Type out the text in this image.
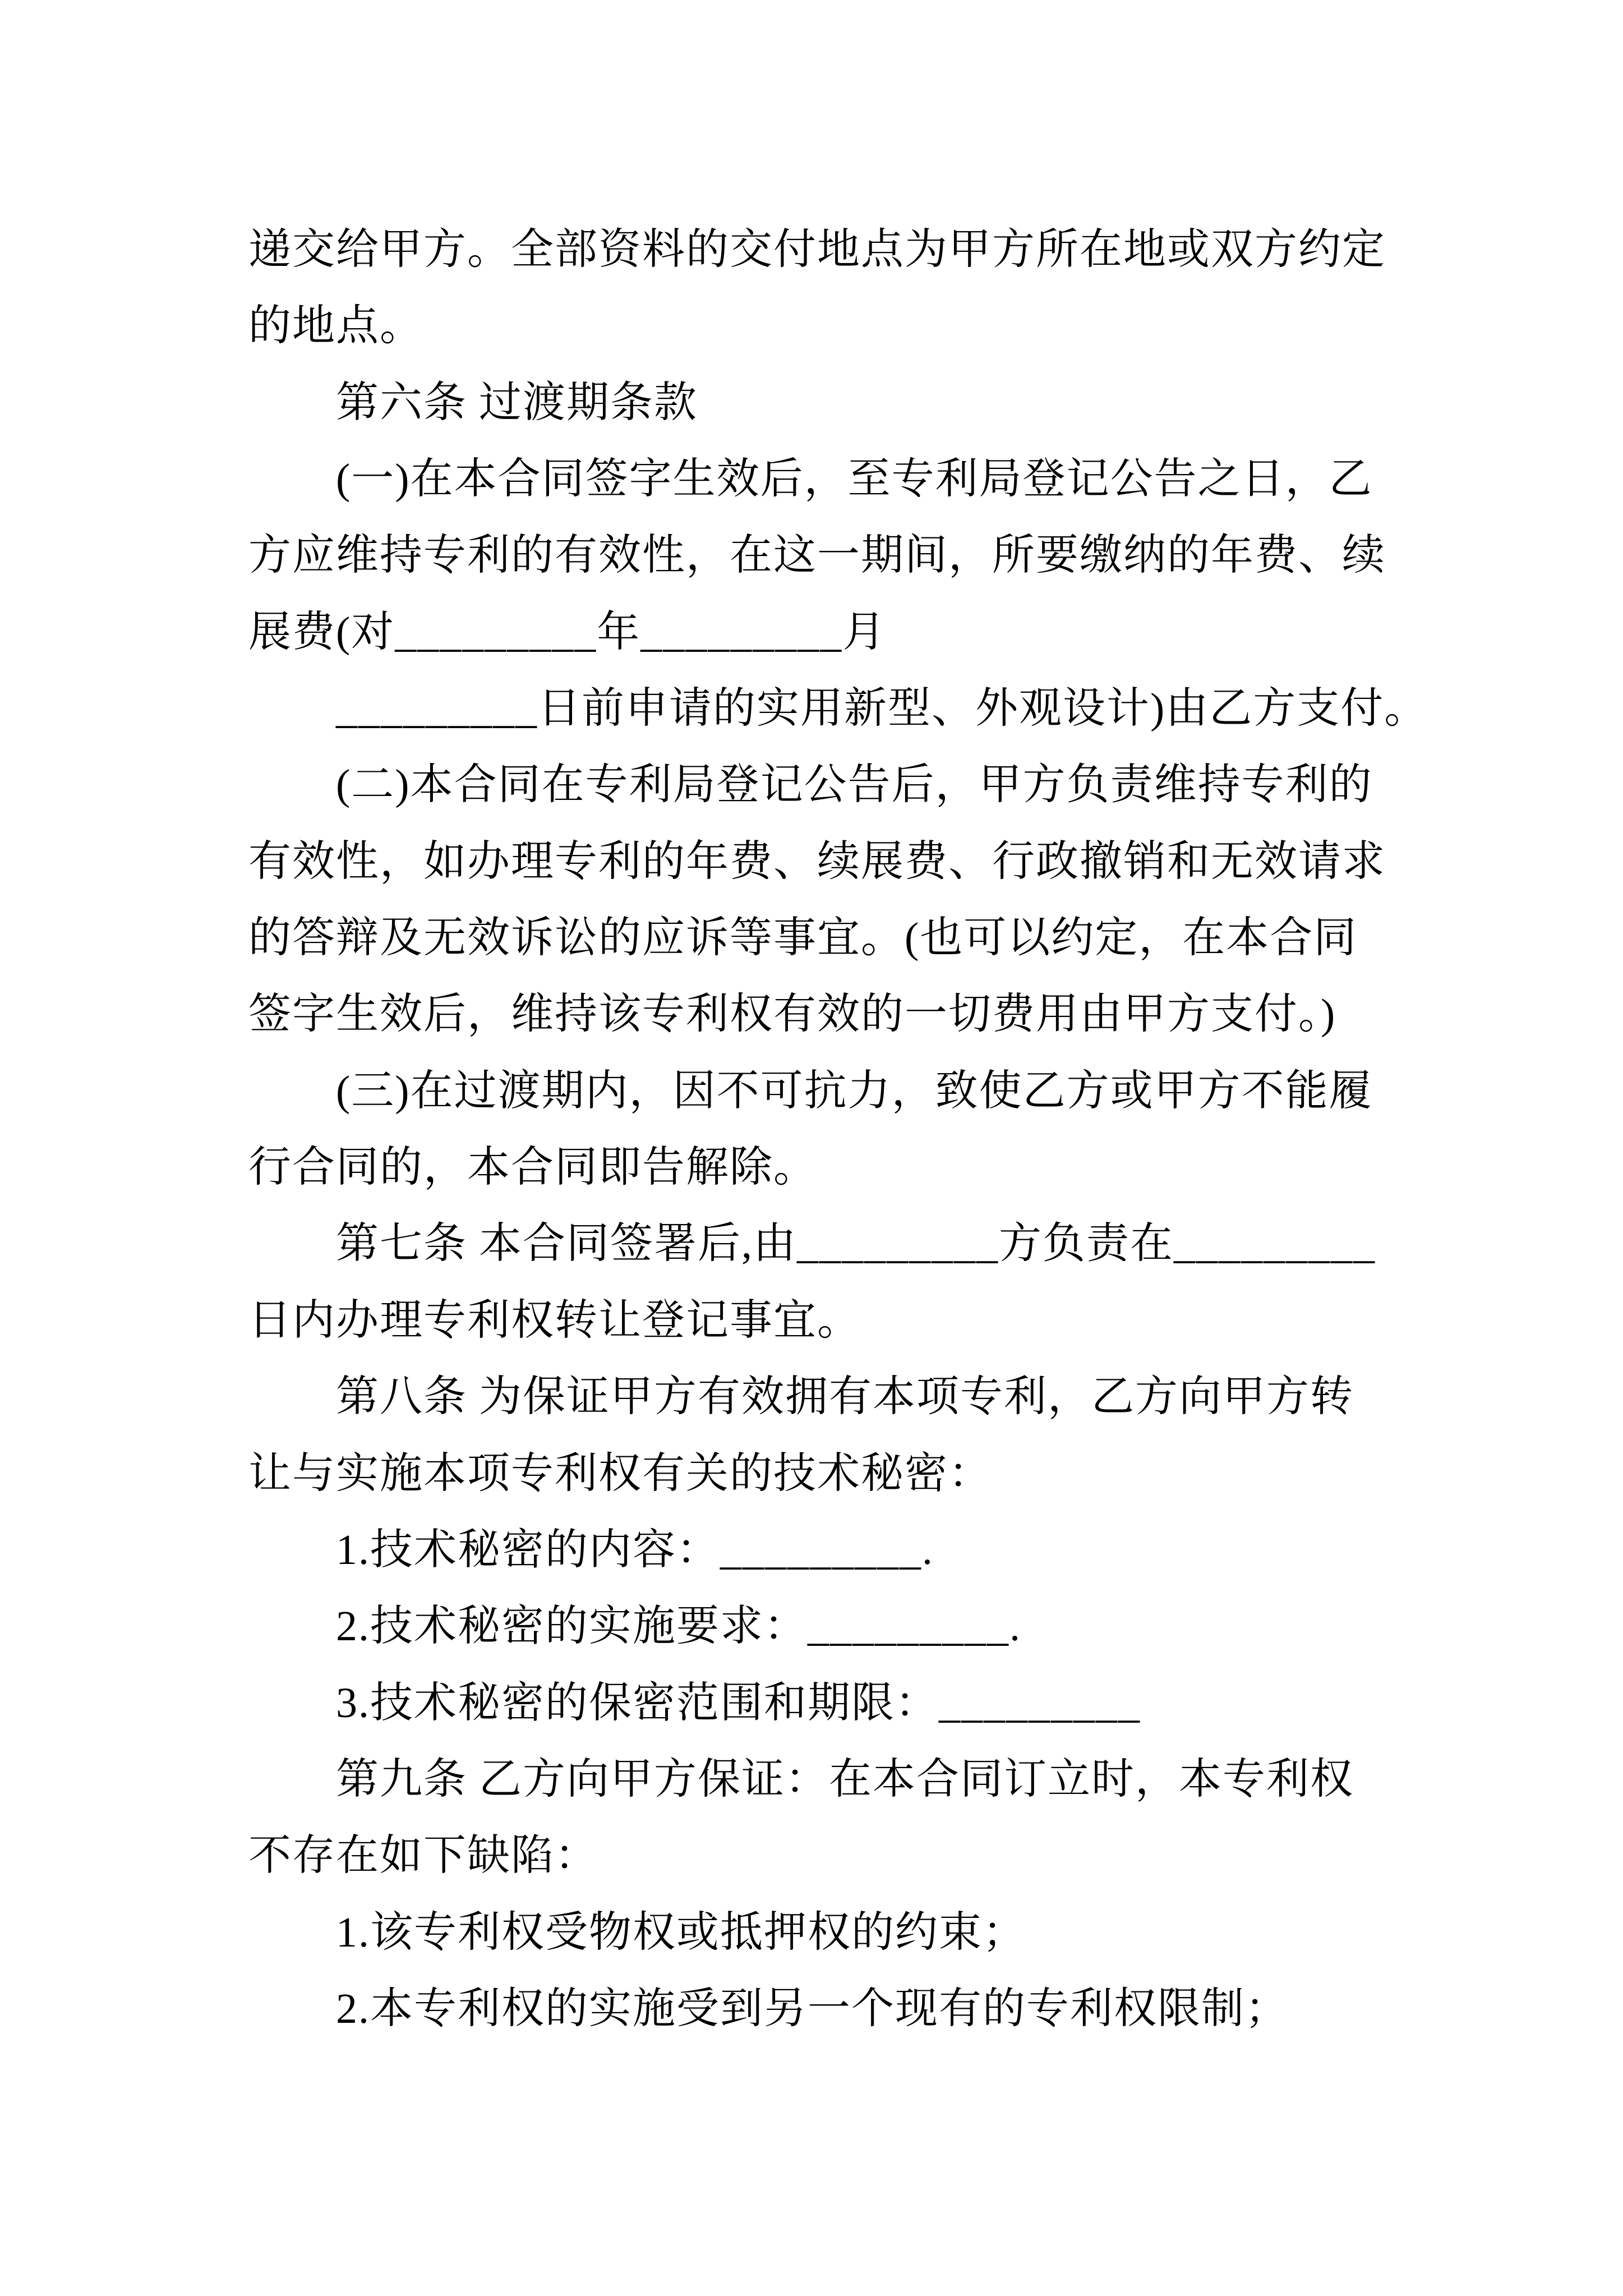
递交给甲方。全部资料的交付地点为甲方所在地或双方约定
的地点。
第六条 过渡期条款
(一)在本合同签字生效后，至专利局登记公告之日，乙
方应维持专利的有效性，在这一期间，所要缴纳的年费、续
展费(对_________年_________月
_________日前申请的实用新型、外观设计)由乙方支付。
(二)本合同在专利局登记公告后，甲方负责维持专利的
有效性，如办理专利的年费、续展费、行政撤销和无效请求
的答辩及无效诉讼的应诉等事宜。(也可以约定，在本合同
签字生效后，维持该专利权有效的一切费用由甲方支付。)
(三)在过渡期内，因不可抗力，致使乙方或甲方不能履
行合同的，本合同即告解除。
第七条 本合同签署后,由_________方负责在_________
日内办理专利权转让登记事宜。
第八条 为保证甲方有效拥有本项专利，乙方向甲方转
让与实施本项专利权有关的技术秘密：
1.技术秘密的内容：_________.
2.技术秘密的实施要求：_________.
3.技术秘密的保密范围和期限：_________
第九条 乙方向甲方保证：在本合同订立时，本专利权
不存在如下缺陷：
1.该专利权受物权或抵押权的约束；
2.本专利权的实施受到另一个现有的专利权限制；
